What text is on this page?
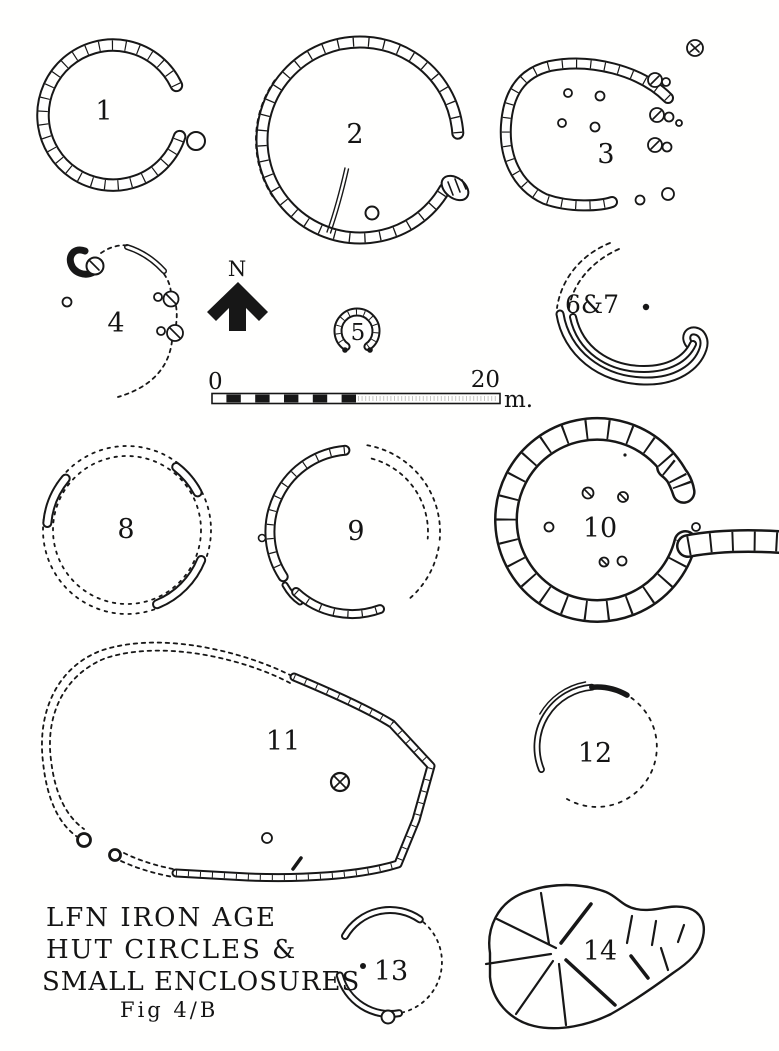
1
2
3
4
N
5
6&7
0	20
m.
8	9	10
11	12
13
14
LFN IRON AGE
HUT CIRCLES &
SMALL ENCLOSURES
Fig 4/B
